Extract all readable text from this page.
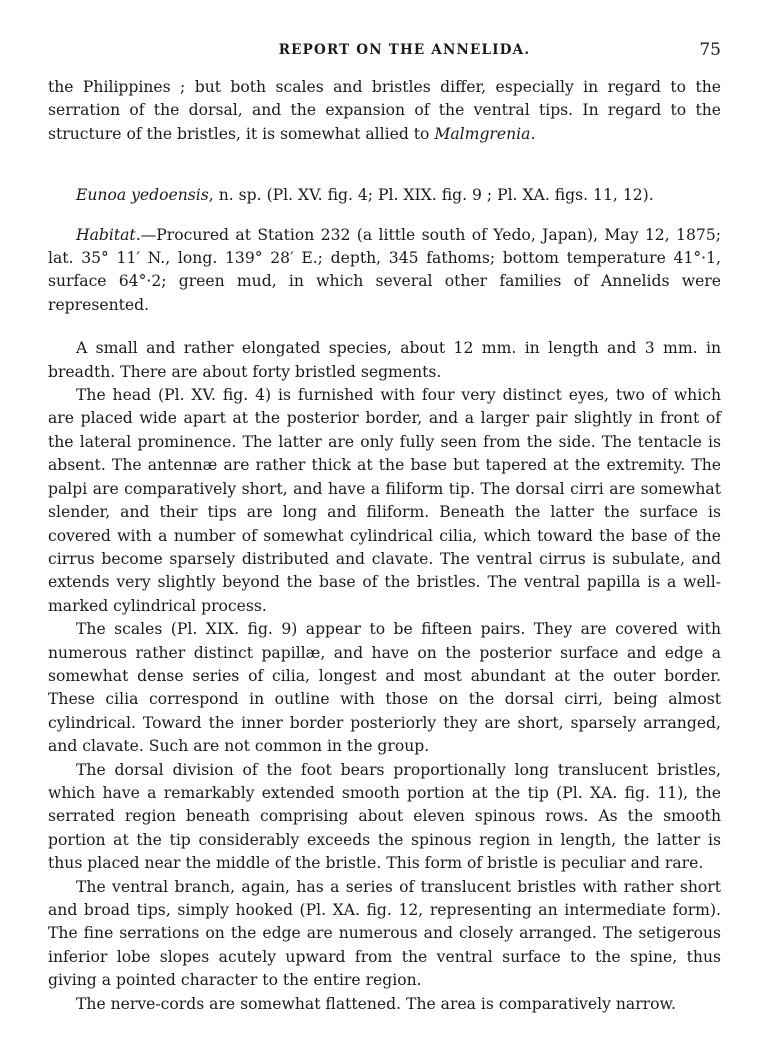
REPORT ON THE ANNELIDA.	75

the Philippines ; but both scales and bristles differ, especially in regard to the serration of the dorsal, and the expansion of the ventral tips. In regard to the structure of the bristles, it is somewhat allied to Malmgrenia.

Eunoa yedoensis, n. sp. (Pl. XV. fig. 4; Pl. XIX. fig. 9 ; Pl. XA. figs. 11, 12).

Habitat.—Procured at Station 232 (a little south of Yedo, Japan), May 12, 1875; lat. 35° 11′ N., long. 139° 28′ E.; depth, 345 fathoms; bottom temperature 41°·1, surface 64°·2; green mud, in which several other families of Annelids were represented.

A small and rather elongated species, about 12 mm. in length and 3 mm. in breadth. There are about forty bristled segments.

The head (Pl. XV. fig. 4) is furnished with four very distinct eyes, two of which are placed wide apart at the posterior border, and a larger pair slightly in front of the lateral prominence. The latter are only fully seen from the side. The tentacle is absent. The antennæ are rather thick at the base but tapered at the extremity. The palpi are comparatively short, and have a filiform tip. The dorsal cirri are somewhat slender, and their tips are long and filiform. Beneath the latter the surface is covered with a number of somewhat cylindrical cilia, which toward the base of the cirrus become sparsely distributed and clavate. The ventral cirrus is subulate, and extends very slightly beyond the base of the bristles. The ventral papilla is a well-marked cylindrical process.

The scales (Pl. XIX. fig. 9) appear to be fifteen pairs. They are covered with numerous rather distinct papillæ, and have on the posterior surface and edge a somewhat dense series of cilia, longest and most abundant at the outer border. These cilia correspond in outline with those on the dorsal cirri, being almost cylindrical. Toward the inner border posteriorly they are short, sparsely arranged, and clavate. Such are not common in the group.

The dorsal division of the foot bears proportionally long translucent bristles, which have a remarkably extended smooth portion at the tip (Pl. XA. fig. 11), the serrated region beneath comprising about eleven spinous rows. As the smooth portion at the tip considerably exceeds the spinous region in length, the latter is thus placed near the middle of the bristle. This form of bristle is peculiar and rare.

The ventral branch, again, has a series of translucent bristles with rather short and broad tips, simply hooked (Pl. XA. fig. 12, representing an intermediate form). The fine serrations on the edge are numerous and closely arranged. The setigerous inferior lobe slopes acutely upward from the ventral surface to the spine, thus giving a pointed character to the entire region.

The nerve-cords are somewhat flattened. The area is comparatively narrow.
